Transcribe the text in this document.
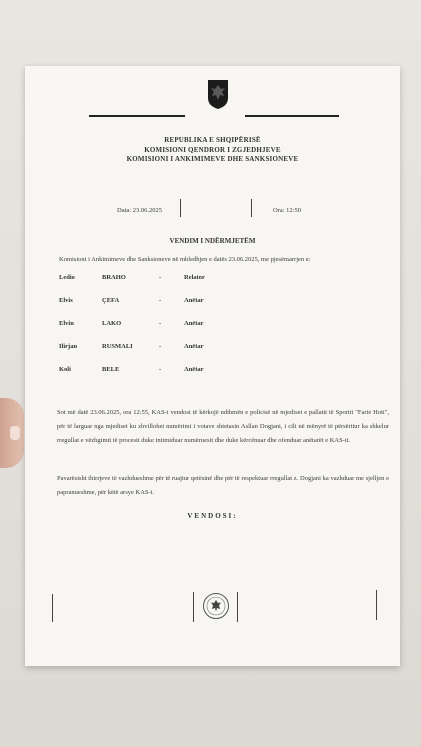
REPUBLIKA E SHQIPËRISË
KOMISIONI QENDROR I ZGJEDHJEVE
KOMISIONI I ANKIMIMEVE DHE SANKSIONEVE
Data: 23.06.2025	Ora: 12:50
VENDIM I NDËRMJETËM
Komisioni i Ankimimeve dhe Sanksioneve në mbledhjen e datës 23.06.2025, me pjesëmarrjen e:
Ledio	BRAHO	-	Relator
Elvis	ÇEFA	-	Anëtar
Elvin	LAKO	-	Anëtar
Ilirjan	RUSMALI	-	Anëtar
Koli	BELE	-	Anëtar
Sot më datë 23.06.2025, ora 12:55, KAS-i vendosi të kërkojë ndihmën e policisë në mjediset e pallatit të Sportit "Farie Hoti", për të larguar nga mjediset ku zhvillohet numërimi i votave shtetasin Asllan Dogjani, i cili në mënyrë të përsëritur ka shkelur rregullat e vëzhgimit të procesit duke intimiduar numëruesit dhe duke kërcënuar dhe ofenduar anëtarët e KAS-it.
Pavarësisht thirrjeve të vazhdueshme për të ruajtur qetësinë dhe për të respektuar rregullat z. Dogjani ka vazhduar me sjelljen e papranueshme, për këtë arsye KAS-i.
VENDOSI:
